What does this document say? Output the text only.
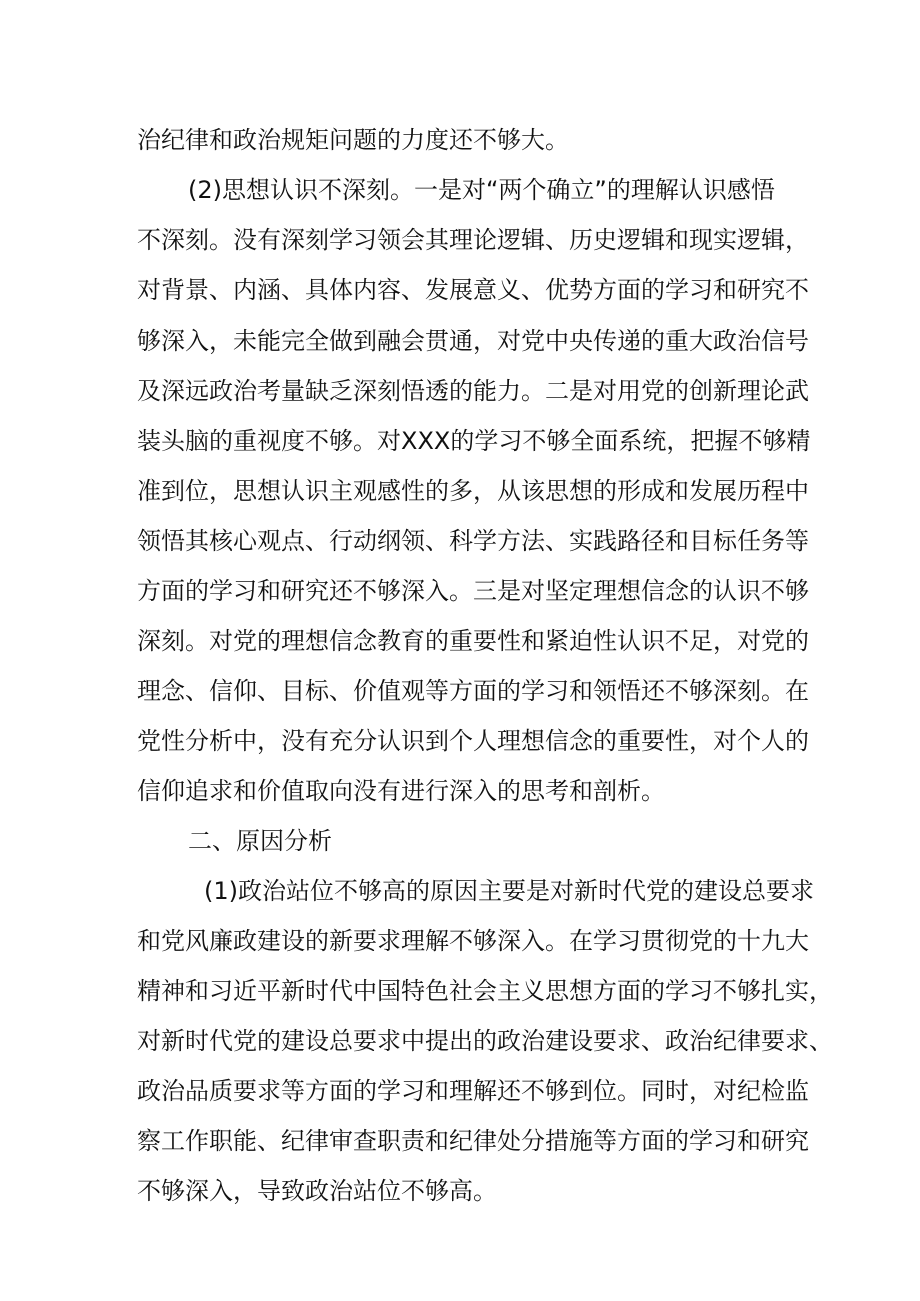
治纪律和政治规矩问题的力度还不够大。
(2)思想认识不深刻。一是对“两个确立”的理解认识感悟
不 深 刻 。 没 有 深 刻 学 习 领 会 其 理 论 逻 辑 、 历 史 逻 辑 和 现 实 逻 辑 ，
对 背 景 、 内 涵 、 具 体 内 容 、 发 展 意 义 、 优 势 方 面 的 学 习 和 研 究 不
够 深 入 ， 未 能 完 全 做 到 融 会 贯 通 ， 对 党 中 央 传 递 的 重 大 政 治 信 号
及 深 远 政 治 考 量 缺 乏 深 刻 悟 透 的 能 力 。 二 是 对 用 党 的 创 新 理 论 武
装 头 脑 的 重 视 度 不 够 。 对 XXX 的 学 习 不 够 全 面 系 统 ， 把 握 不 够 精
准 到 位 ， 思 想 认 识 主 观 感 性 的 多 ， 从 该 思 想 的 形 成 和 发 展 历 程 中
领 悟 其 核 心 观 点 、 行 动 纲 领 、 科 学 方 法 、 实 践 路 径 和 目 标 任 务 等
方 面 的 学 习 和 研 究 还 不 够 深 入 。 三 是 对 坚 定 理 想 信 念 的 认 识 不 够
深 刻 。 对 党 的 理 想 信 念 教 育 的 重 要 性 和 紧 迫 性 认 识 不 足 ， 对 党 的
理 念 、 信 仰 、 目 标 、 价 值 观 等 方 面 的 学 习 和 领 悟 还 不 够 深 刻 。 在
党 性 分 析 中 ， 没 有 充 分 认 识 到 个 人 理 想 信 念 的 重 要 性 ， 对 个 人 的
信仰追求和价值取向没有进行深入的思考和剖析。
二、原因分析
(1)政治站位不够高的原因主要是对新时代党的建设总要求
和 党 风 廉 政 建 设 的 新 要 求 理 解 不 够 深 入 。 在 学 习 贯 彻 党 的 十 九 大
精 神 和 习 近 平 新 时 代 中 国 特 色 社 会 主 义 思 想 方 面 的 学 习 不 够 扎 实 ，
对 新 时 代 党 的 建 设 总 要 求 中 提 出 的 政 治 建 设 要 求 、 政 治 纪 律 要 求 、
政 治 品 质 要 求 等 方 面 的 学 习 和 理 解 还 不 够 到 位 。 同 时 ， 对 纪 检 监
察 工 作 职 能 、 纪 律 审 查 职 责 和 纪 律 处 分 措 施 等 方 面 的 学 习 和 研 究
不够深入，导致政治站位不够高。
